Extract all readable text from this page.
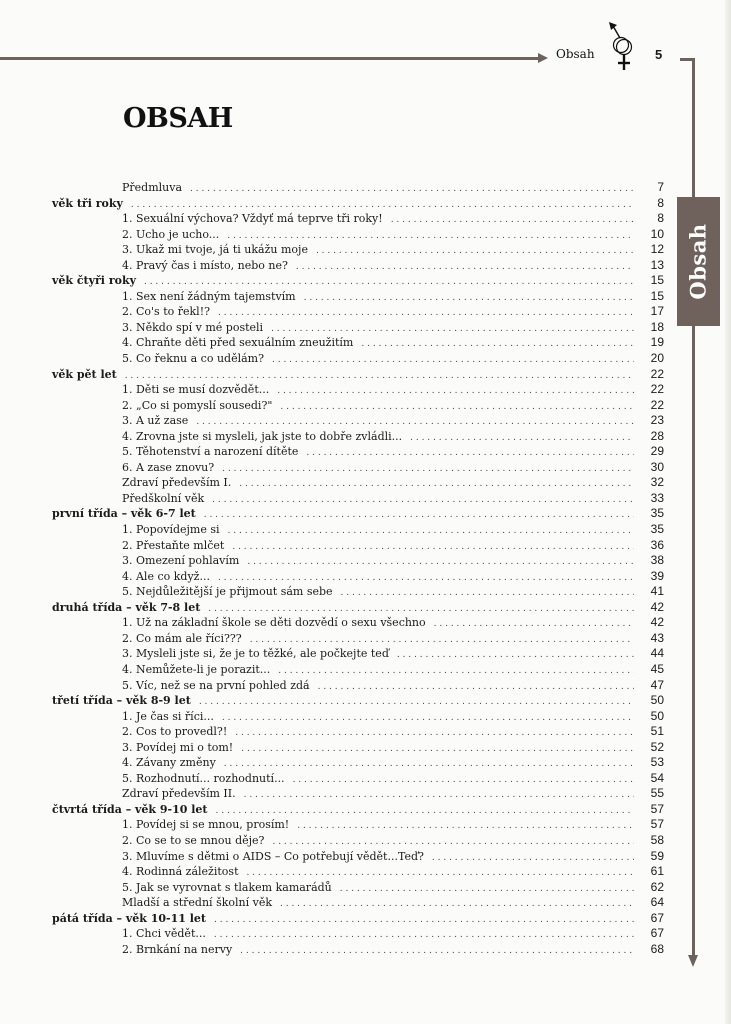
Obsah	5
Obsah
OBSAH
Předmluva . . .	7
věk tři roky . . .	8
1. Sexuální výchova? Vždyť má teprve tři roky! . . .	8
2. Ucho je ucho... . . .	10
3. Ukaž mi tvoje, já ti ukážu moje . . .	12
4. Pravý čas i místo, nebo ne? . . .	13
věk čtyři roky . . .	15
1. Sex není žádným tajemstvím . . .	15
2. Co's to řekl!? . . .	17
3. Někdo spí v mé posteli . . .	18
4. Chraňte děti před sexuálním zneužitím . . .	19
5. Co řeknu a co udělám? . . .	20
věk pět let . . .	22
1. Děti se musí dozvědět... . . .	22
2. „Co si pomyslí sousedi?" . . .	22
3. A už zase . . .	23
4. Zrovna jste si mysleli, jak jste to dobře zvládli... . . .	28
5. Těhotenství a narození dítěte . . .	29
6. A zase znovu? . . .	30
Zdraví především I. . . .	32
Předškolní věk . . .	33
první třída – věk 6-7 let . . .	35
1. Popovídejme si . . .	35
2. Přestaňte mlčet . . .	36
3. Omezení pohlavím . . .	38
4. Ale co když... . . .	39
5. Nejdůležitější je přijmout sám sebe . . .	41
druhá třída – věk 7-8 let . . .	42
1. Už na základní škole se děti dozvědí o sexu všechno . . .	42
2. Co mám ale říci??? . . .	43
3. Mysleli jste si, že je to těžké, ale počkejte teď . . .	44
4. Nemůžete-li je porazit... . . .	45
5. Víc, než se na první pohled zdá . . .	47
třetí třída – věk 8-9 let . . .	50
1. Je čas si říci... . . .	50
2. Cos to provedl?! . . .	51
3. Povídej mi o tom! . . .	52
4. Závany změny . . .	53
5. Rozhodnutí... rozhodnutí... . . .	54
Zdraví především II. . . .	55
čtvrtá třída – věk 9-10 let . . .	57
1. Povídej si se mnou, prosím! . . .	57
2. Co se to se mnou děje? . . .	58
3. Mluvíme s dětmi o AIDS – Co potřebují vědět...Teď? . . .	59
4. Rodinná záležitost . . .	61
5. Jak se vyrovnat s tlakem kamarádů . . .	62
Mladší a střední školní věk . . .	64
pátá třída – věk 10-11 let . . .	67
1. Chci vědět... . . .	67
2. Brnkání na nervy . . .	68
